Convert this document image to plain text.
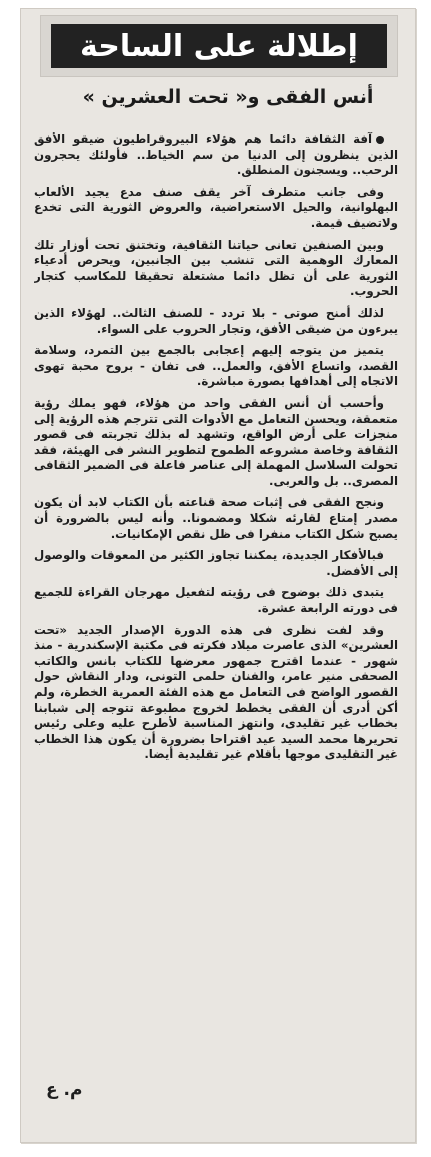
إطلالة على الساحة
أنس الفقى و« تحت العشرين »

آفة الثقافة دائما هم هؤلاء البيروقراطيون ضيقو الأفق الذين ينظرون إلى الدنيا من سم الخياط.. فأولئك يحجرون الرحب.. ويسجنون المنطلق.

وفى جانب متطرف آخر يقف صنف مدع يجيد الألعاب البهلوانية، والحيل الاستعراضية، والعروض الثورية التى تخدع ولاتضيف قيمة.

وبين الصنفين تعانى حياتنا الثقافية، وتختنق تحت أوزار تلك المعارك الوهمية التى تنشب بين الجانبين، ويحرص أدعياء الثورية على أن تظل دائما مشتعلة تحقيقا للمكاسب كتجار الحروب.

لذلك أمنح صوتى - بلا تردد - للصنف الثالث.. لهؤلاء الذين يبرءون من ضيقى الأفق، وتجار الحروب على السواء.

يتميز من يتوجه إليهم إعجابى بالجمع بين التمرد، وسلامة القصد، واتساع الأفق، والعمل.. فى تفان - بروح محبة تهوى الاتجاه إلى أهدافها بصورة مباشرة.

وأحسب أن أنس الفقى واحد من هؤلاء، فهو يملك رؤية متعمقة، ويحسن التعامل مع الأدوات التى تترجم هذه الرؤية إلى منجزات على أرض الواقع، وتشهد له بذلك تجربته فى قصور الثقافة وخاصة مشروعه الطموح لتطوير النشر فى الهيئة، فقد تحولت السلاسل المهملة إلى عناصر فاعلة فى الضمير الثقافى المصرى.. بل والعربى.

ونجح الفقى فى إثبات صحة قناعته بأن الكتاب لابد أن يكون مصدر إمتاع لقارئه شكلا ومضمونا.. وأنه ليس بالضرورة أن يصبح شكل الكتاب منفرا فى ظل نقص الإمكانيات.

فبالأفكار الجديدة، يمكننا تجاوز الكثير من المعوقات والوصول إلى الأفضل.

يتبدى ذلك بوضوح فى رؤيته لتفعيل مهرجان القراءة للجميع فى دورته الرابعة عشرة.

وقد لفت نظرى فى هذه الدورة الإصدار الجديد «تحت العشرين» الذى عاصرت ميلاد فكرته فى مكتبة الإسكندرية - منذ شهور - عندما اقترح جمهور معرضها للكتاب بانس والكاتب الصحفى منير عامر، والفنان حلمى التونى، ودار النقاش حول القصور الواضح فى التعامل مع هذه الفئة العمرية الخطرة، ولم أكن أدرى أن الفقى يخطط لخروج مطبوعة تتوجه إلى شبابنا بخطاب غير تقليدى، وانتهز المناسبة لأطرح عليه وعلى رئيس تحريرها محمد السيد عيد اقتراحا بضرورة أن يكون هذا الخطاب غير التقليدى موجها بأقلام غير تقليدية أيضا.

م. ع
